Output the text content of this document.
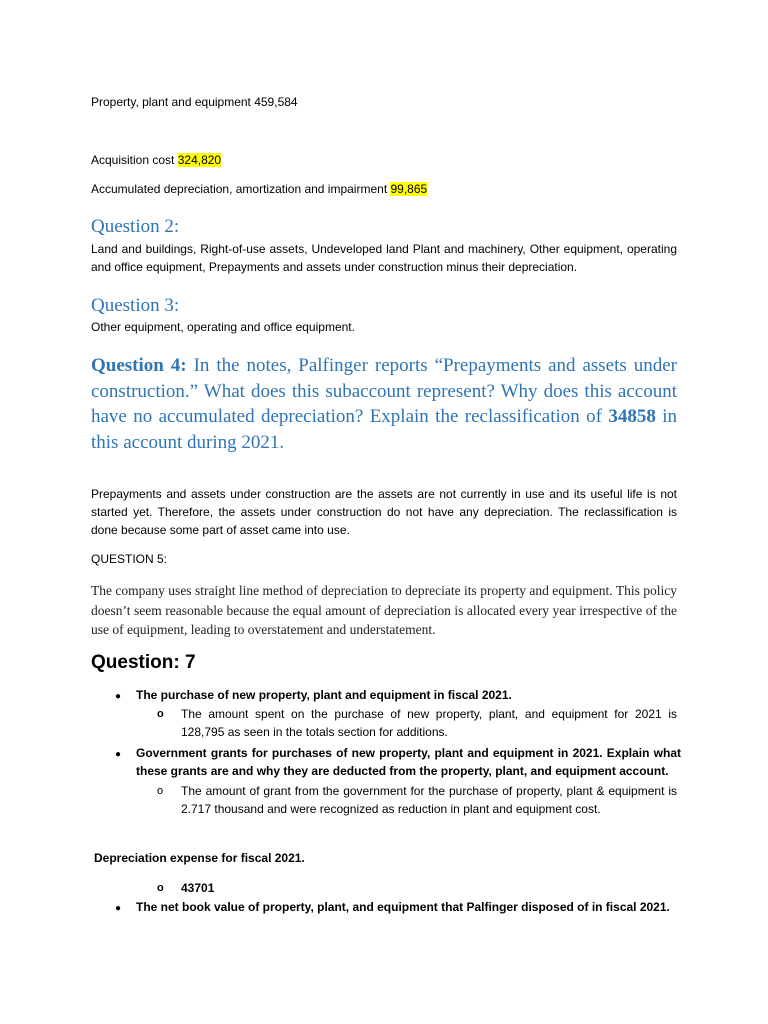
Property, plant and equipment 459,584
Acquisition cost 324,820
Accumulated depreciation, amortization and impairment 99,865
Question 2:
Land and buildings, Right-of-use assets, Undeveloped land Plant and machinery, Other equipment, operating and office equipment, Prepayments and assets under construction minus their depreciation.
Question 3:
Other equipment, operating and office equipment.
Question 4: In the notes, Palfinger reports “Prepayments and assets under construction.” What does this subaccount represent? Why does this account have no accumulated depreciation? Explain the reclassification of 34858 in this account during 2021.
Prepayments and assets under construction are the assets are not currently in use and its useful life is not started yet. Therefore, the assets under construction do not have any depreciation. The reclassification is done because some part of asset came into use.
QUESTION 5:
The company uses straight line method of depreciation to depreciate its property and equipment. This policy doesn’t seem reasonable because the equal amount of depreciation is allocated every year irrespective of the use of equipment, leading to overstatement and understatement.
Question: 7
● The purchase of new property, plant and equipment in fiscal 2021.
o The amount spent on the purchase of new property, plant, and equipment for 2021 is 128,795 as seen in the totals section for additions.
● Government grants for purchases of new property, plant and equipment in 2021. Explain what these grants are and why they are deducted from the property, plant, and equipment account.
o The amount of grant from the government for the purchase of property, plant & equipment is 2.717 thousand and were recognized as reduction in plant and equipment cost.
Depreciation expense for fiscal 2021.
o 43701
● The net book value of property, plant, and equipment that Palfinger disposed of in fiscal 2021.
